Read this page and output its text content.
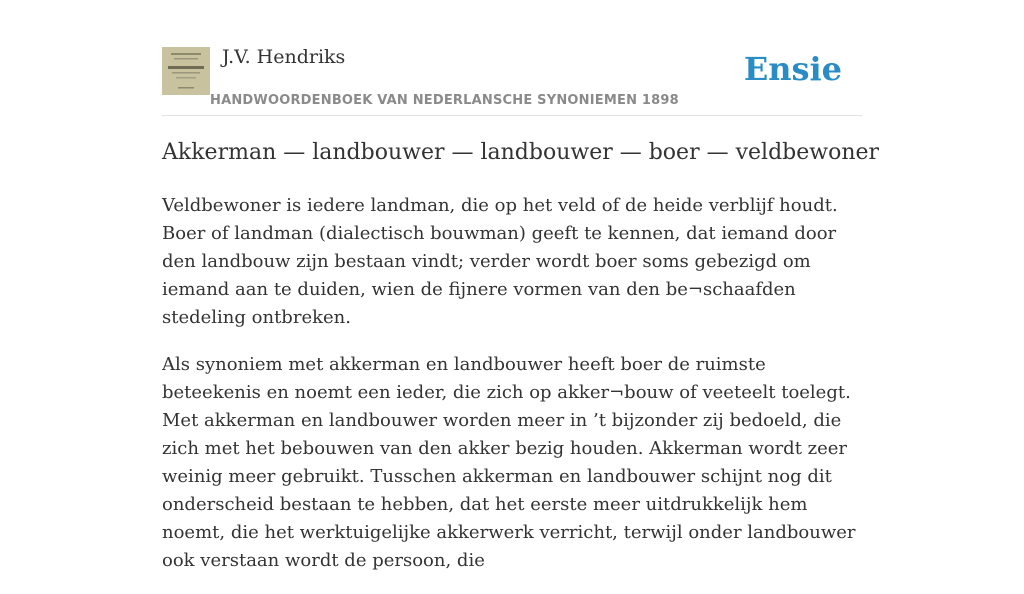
J.V. Hendriks
HANDWOORDENBOEK VAN NEDERLANSCHE SYNONIEMEN 1898
Ensie
Akkerman — landbouwer — landbouwer — boer — veldbewoner

Veldbewoner is iedere landman, die op het veld of de heide verblijf houdt. Boer of landman (dialectisch bouwman) geeft te kennen, dat iemand door den landbouw zijn bestaan vindt; verder wordt boer soms gebezigd om iemand aan te duiden, wien de fijnere vormen van den be¬schaafden stedeling ontbreken.

Als synoniem met akkerman en landbouwer heeft boer de ruimste beteekenis en noemt een ieder, die zich op akker¬bouw of veeteelt toelegt. Met akkerman en landbouwer worden meer in ’t bijzonder zij bedoeld, die zich met het bebouwen van den akker bezig houden. Akkerman wordt zeer weinig meer gebruikt. Tusschen akkerman en landbouwer schijnt nog dit onderscheid bestaan te hebben, dat het eerste meer uitdrukkelijk hem noemt, die het werktuigelijke akkerwerk verricht, terwijl onder landbouwer ook verstaan wordt de persoon, die
